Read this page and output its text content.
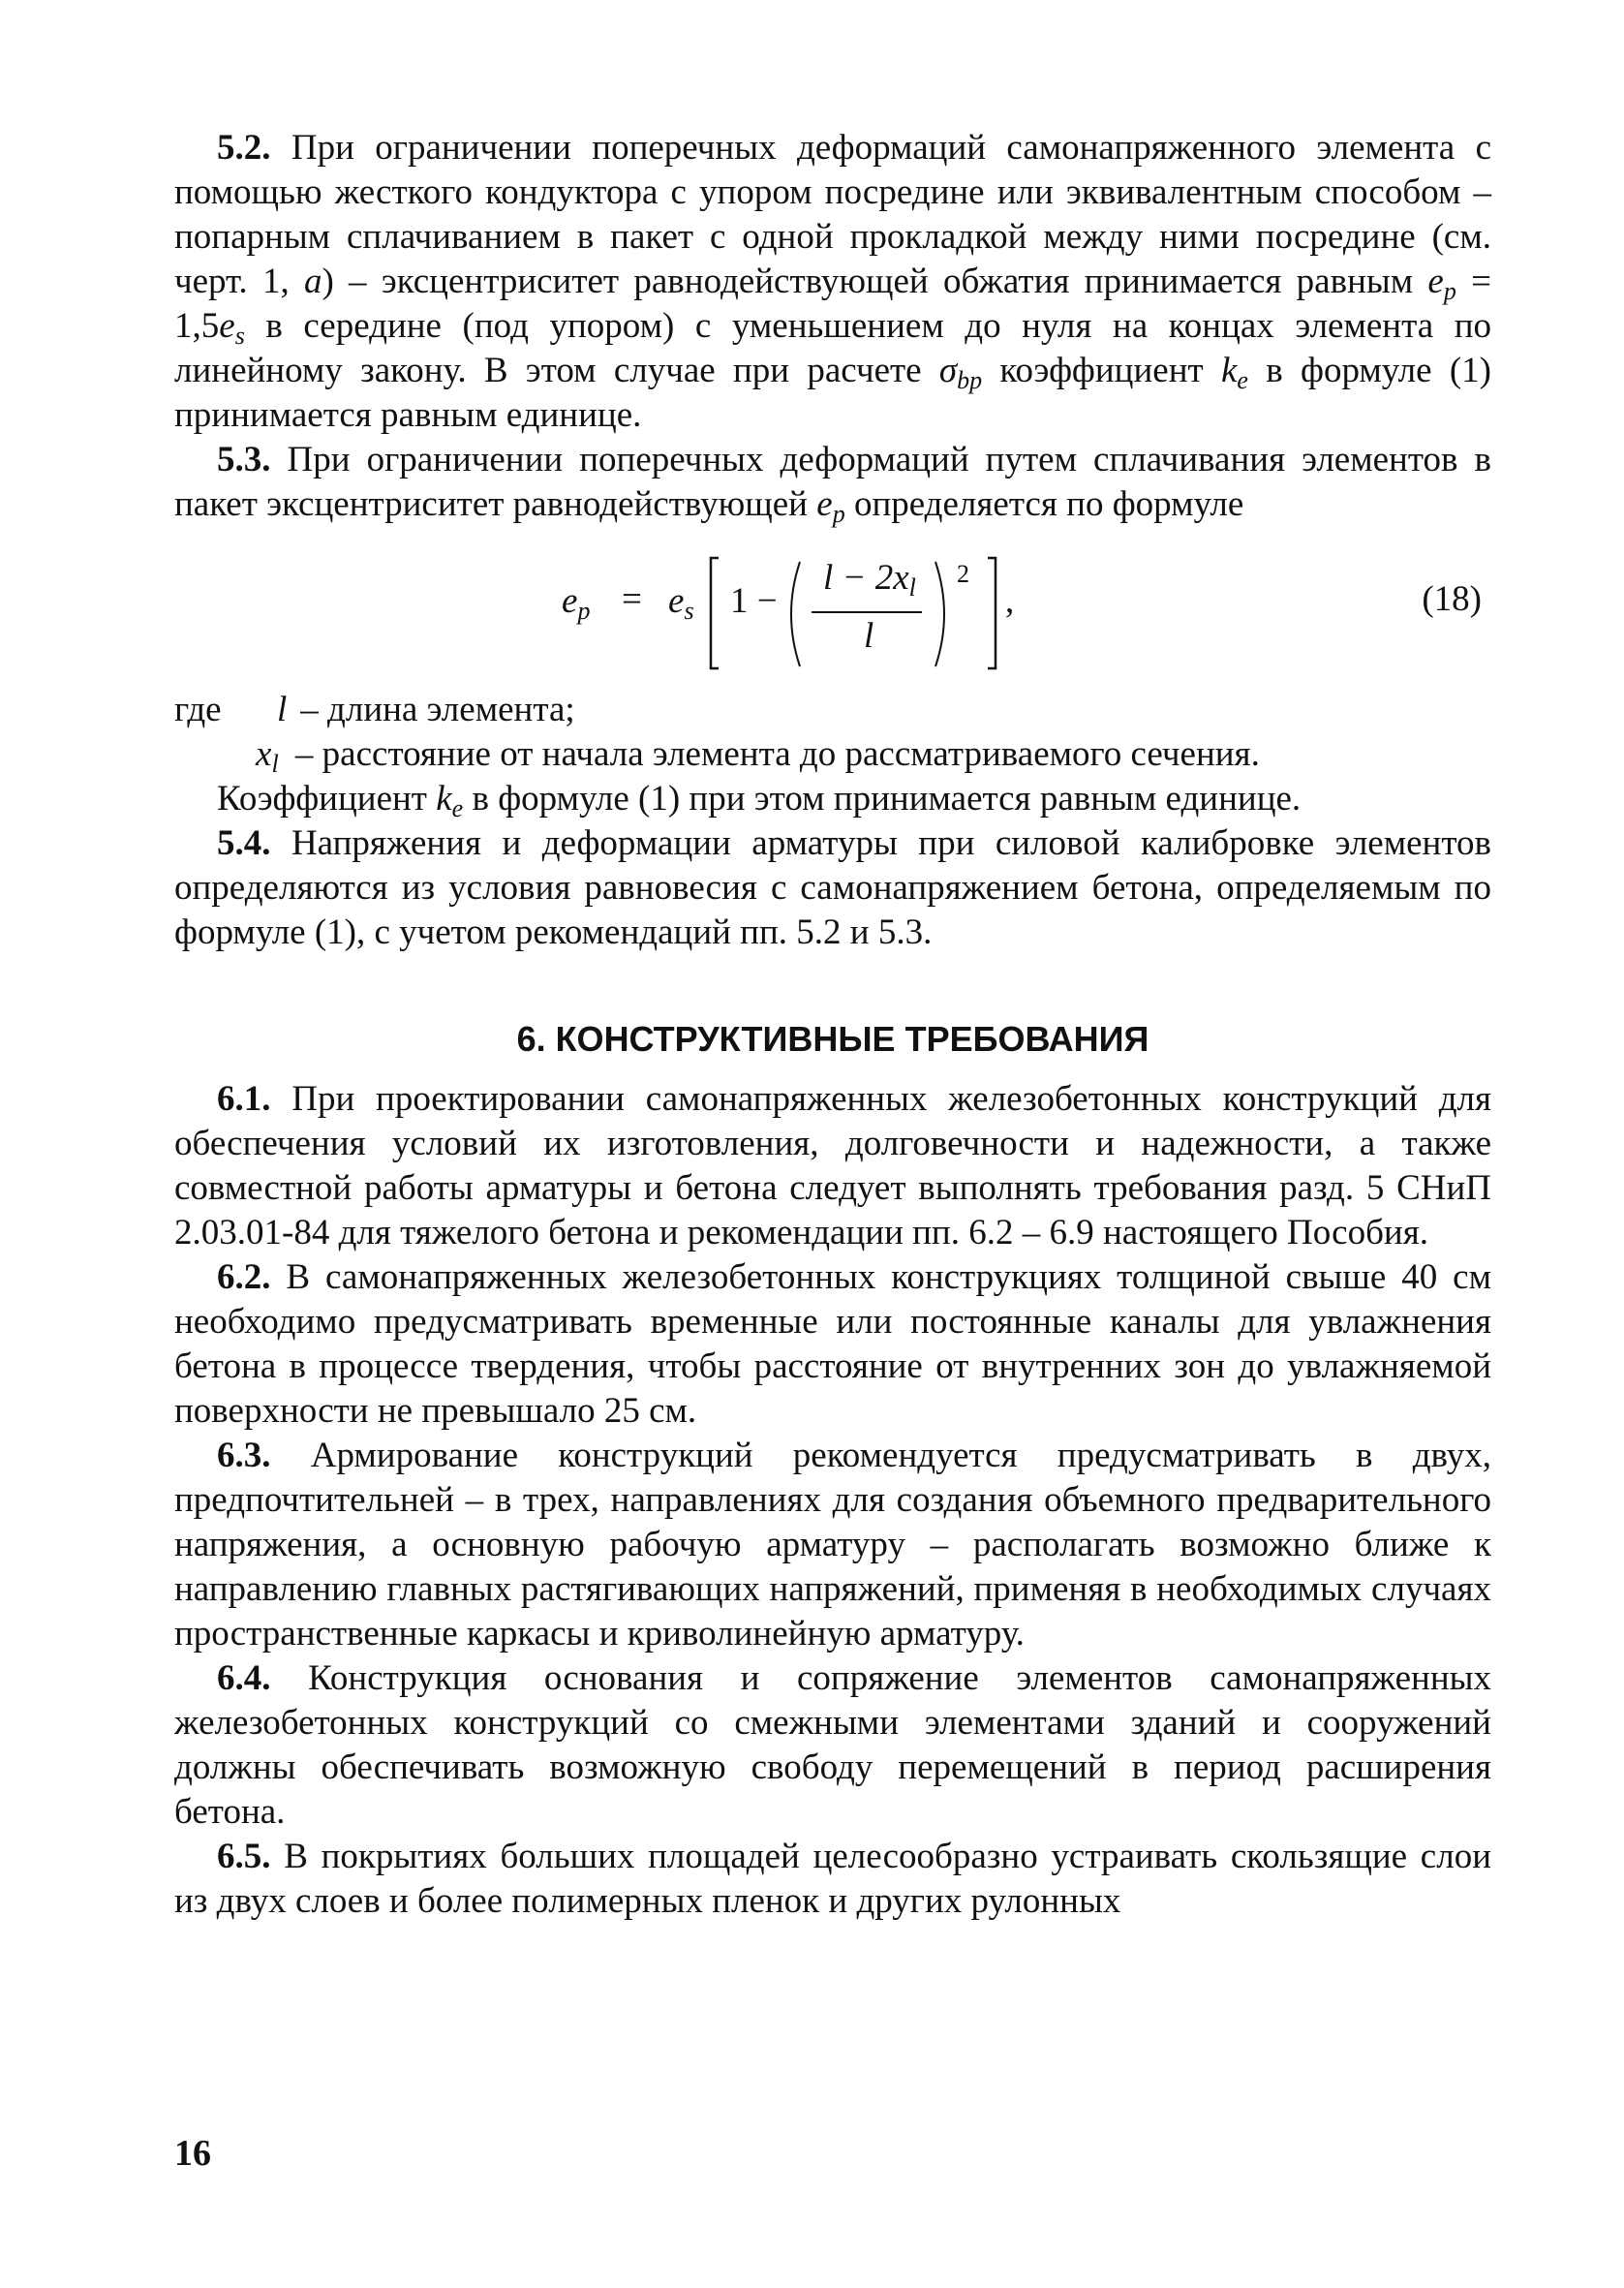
5.2. При ограничении поперечных деформаций самонапряженного элемента с помощью жесткого кондуктора с упором посредине или эквивалентным способом – попарным сплачиванием в пакет с одной прокладкой между ними посредине (см. черт. 1, а) – эксцентриситет равнодействующей обжатия принимается равным $e_p = 1,5e_s$ в середине (под упором) с уменьшением до нуля на концах элемента по линейному закону. В этом случае при расчете $\sigma_{bp}$ коэффициент $k_e$ в формуле (1) принимается равным единице.

5.3. При ограничении поперечных деформаций путем сплачивания элементов в пакет эксцентриситет равнодействующей $e_p$ определяется по формуле

$e_p = e_s$ 1 −
$l - 2x_l$
l
2
,	(18)
где l – длина элемента;
$x_l$ – расстояние от начала элемента до рассматриваемого сечения.

Коэффициент $k_e$ в формуле (1) при этом принимается равным единице.

5.4. Напряжения и деформации арматуры при силовой калибровке элементов определяются из условия равновесия с самонапряжением бетона, определяемым по формуле (1), с учетом рекомендаций пп. 5.2 и 5.3.

6. КОНСТРУКТИВНЫЕ ТРЕБОВАНИЯ

6.1. При проектировании самонапряженных железобетонных конструкций для обеспечения условий их изготовления, долговечности и надежности, а также совместной работы арматуры и бетона следует выполнять требования разд. 5 СНиП 2.03.01-84 для тяжелого бетона и рекомендации пп. 6.2 – 6.9 настоящего Пособия.

6.2. В самонапряженных железобетонных конструкциях толщиной свыше 40 см необходимо предусматривать временные или постоянные каналы для увлажнения бетона в процессе твердения, чтобы расстояние от внутренних зон до увлажняемой поверхности не превышало 25 см.

6.3. Армирование конструкций рекомендуется предусматривать в двух, предпочтительней – в трех, направлениях для создания объемного предварительного напряжения, а основную рабочую арматуру – располагать возможно ближе к направлению главных растягивающих напряжений, применяя в необходимых случаях пространственные каркасы и криволинейную арматуру.

6.4. Конструкция основания и сопряжение элементов самонапряженных железобетонных конструкций со смежными элементами зданий и сооружений должны обеспечивать возможную свободу перемещений в период расширения бетона.

6.5. В покрытиях больших площадей целесообразно устраивать скользящие слои из двух слоев и более полимерных пленок и других рулонных

16
